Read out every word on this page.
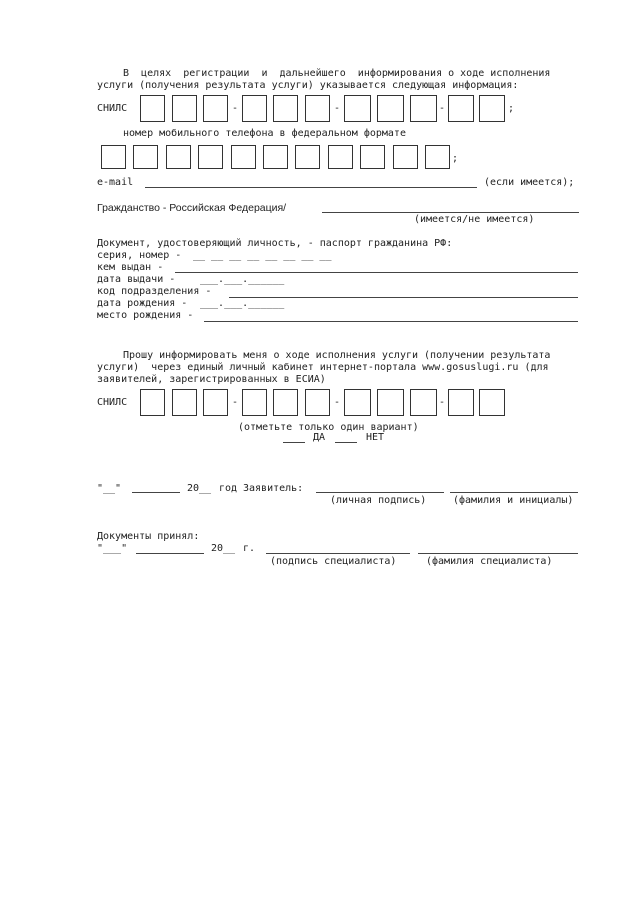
В  целях  регистрации  и  дальнейшего  информирования о ходе исполнения
услуги (получения результата услуги) указывается следующая информация:
СНИЛС	-	-	-	;
номер мобильного телефона в федеральном формате
;
e-mail	(если имеется);
Гражданство - Российская Федерация/
(имеется/не имеется)
Документ, удостоверяющий личность, - паспорт гражданина РФ:
серия, номер - __ __ __ __ __ __ __ __
кем выдан -
дата выдачи - ___.___.______
код подразделения -
дата рождения - ___.___.______
место рождения -
Прошу информировать меня о ходе исполнения услуги (получении результата
услуги)  через единый личный кабинет интернет-портала www.gosuslugi.ru (для
заявителей, зарегистрированных в ЕСИА)
СНИЛС	-	-	-
(отметьте только один вариант)
ДА	НЕТ
"__"	20__ год Заявитель:
(личная подпись)	(фамилия и инициалы)
Документы принял:
"___"	20__ г.
(подпись специалиста)	(фамилия специалиста)
